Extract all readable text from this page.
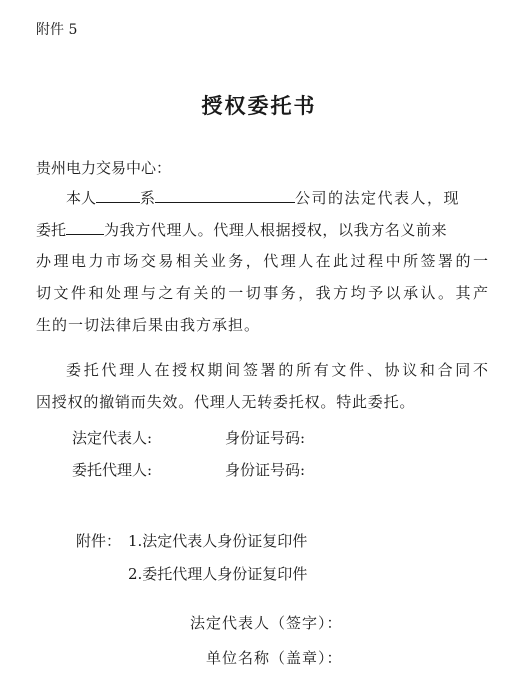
附件 5
授权委托书
贵州电力交易中心：
本人	系	公司的法定代表人，现
委托	为我方代理人。代理人根据授权，以我方名义前来
办理电力市场交易相关业务，代理人在此过程中所签署的一
切文件和处理与之有关的一切事务，我方均予以承认。其产
生的一切法律后果由我方承担。
委托代理人在授权期间签署的所有文件、协议和合同不
因授权的撤销而失效。代理人无转委托权。特此委托。
法定代表人:	身份证号码:
委托代理人:	身份证号码:
附件： 1.法定代表人身份证复印件
2.委托代理人身份证复印件
法定代表人（签字）：
单位名称（盖章）：
